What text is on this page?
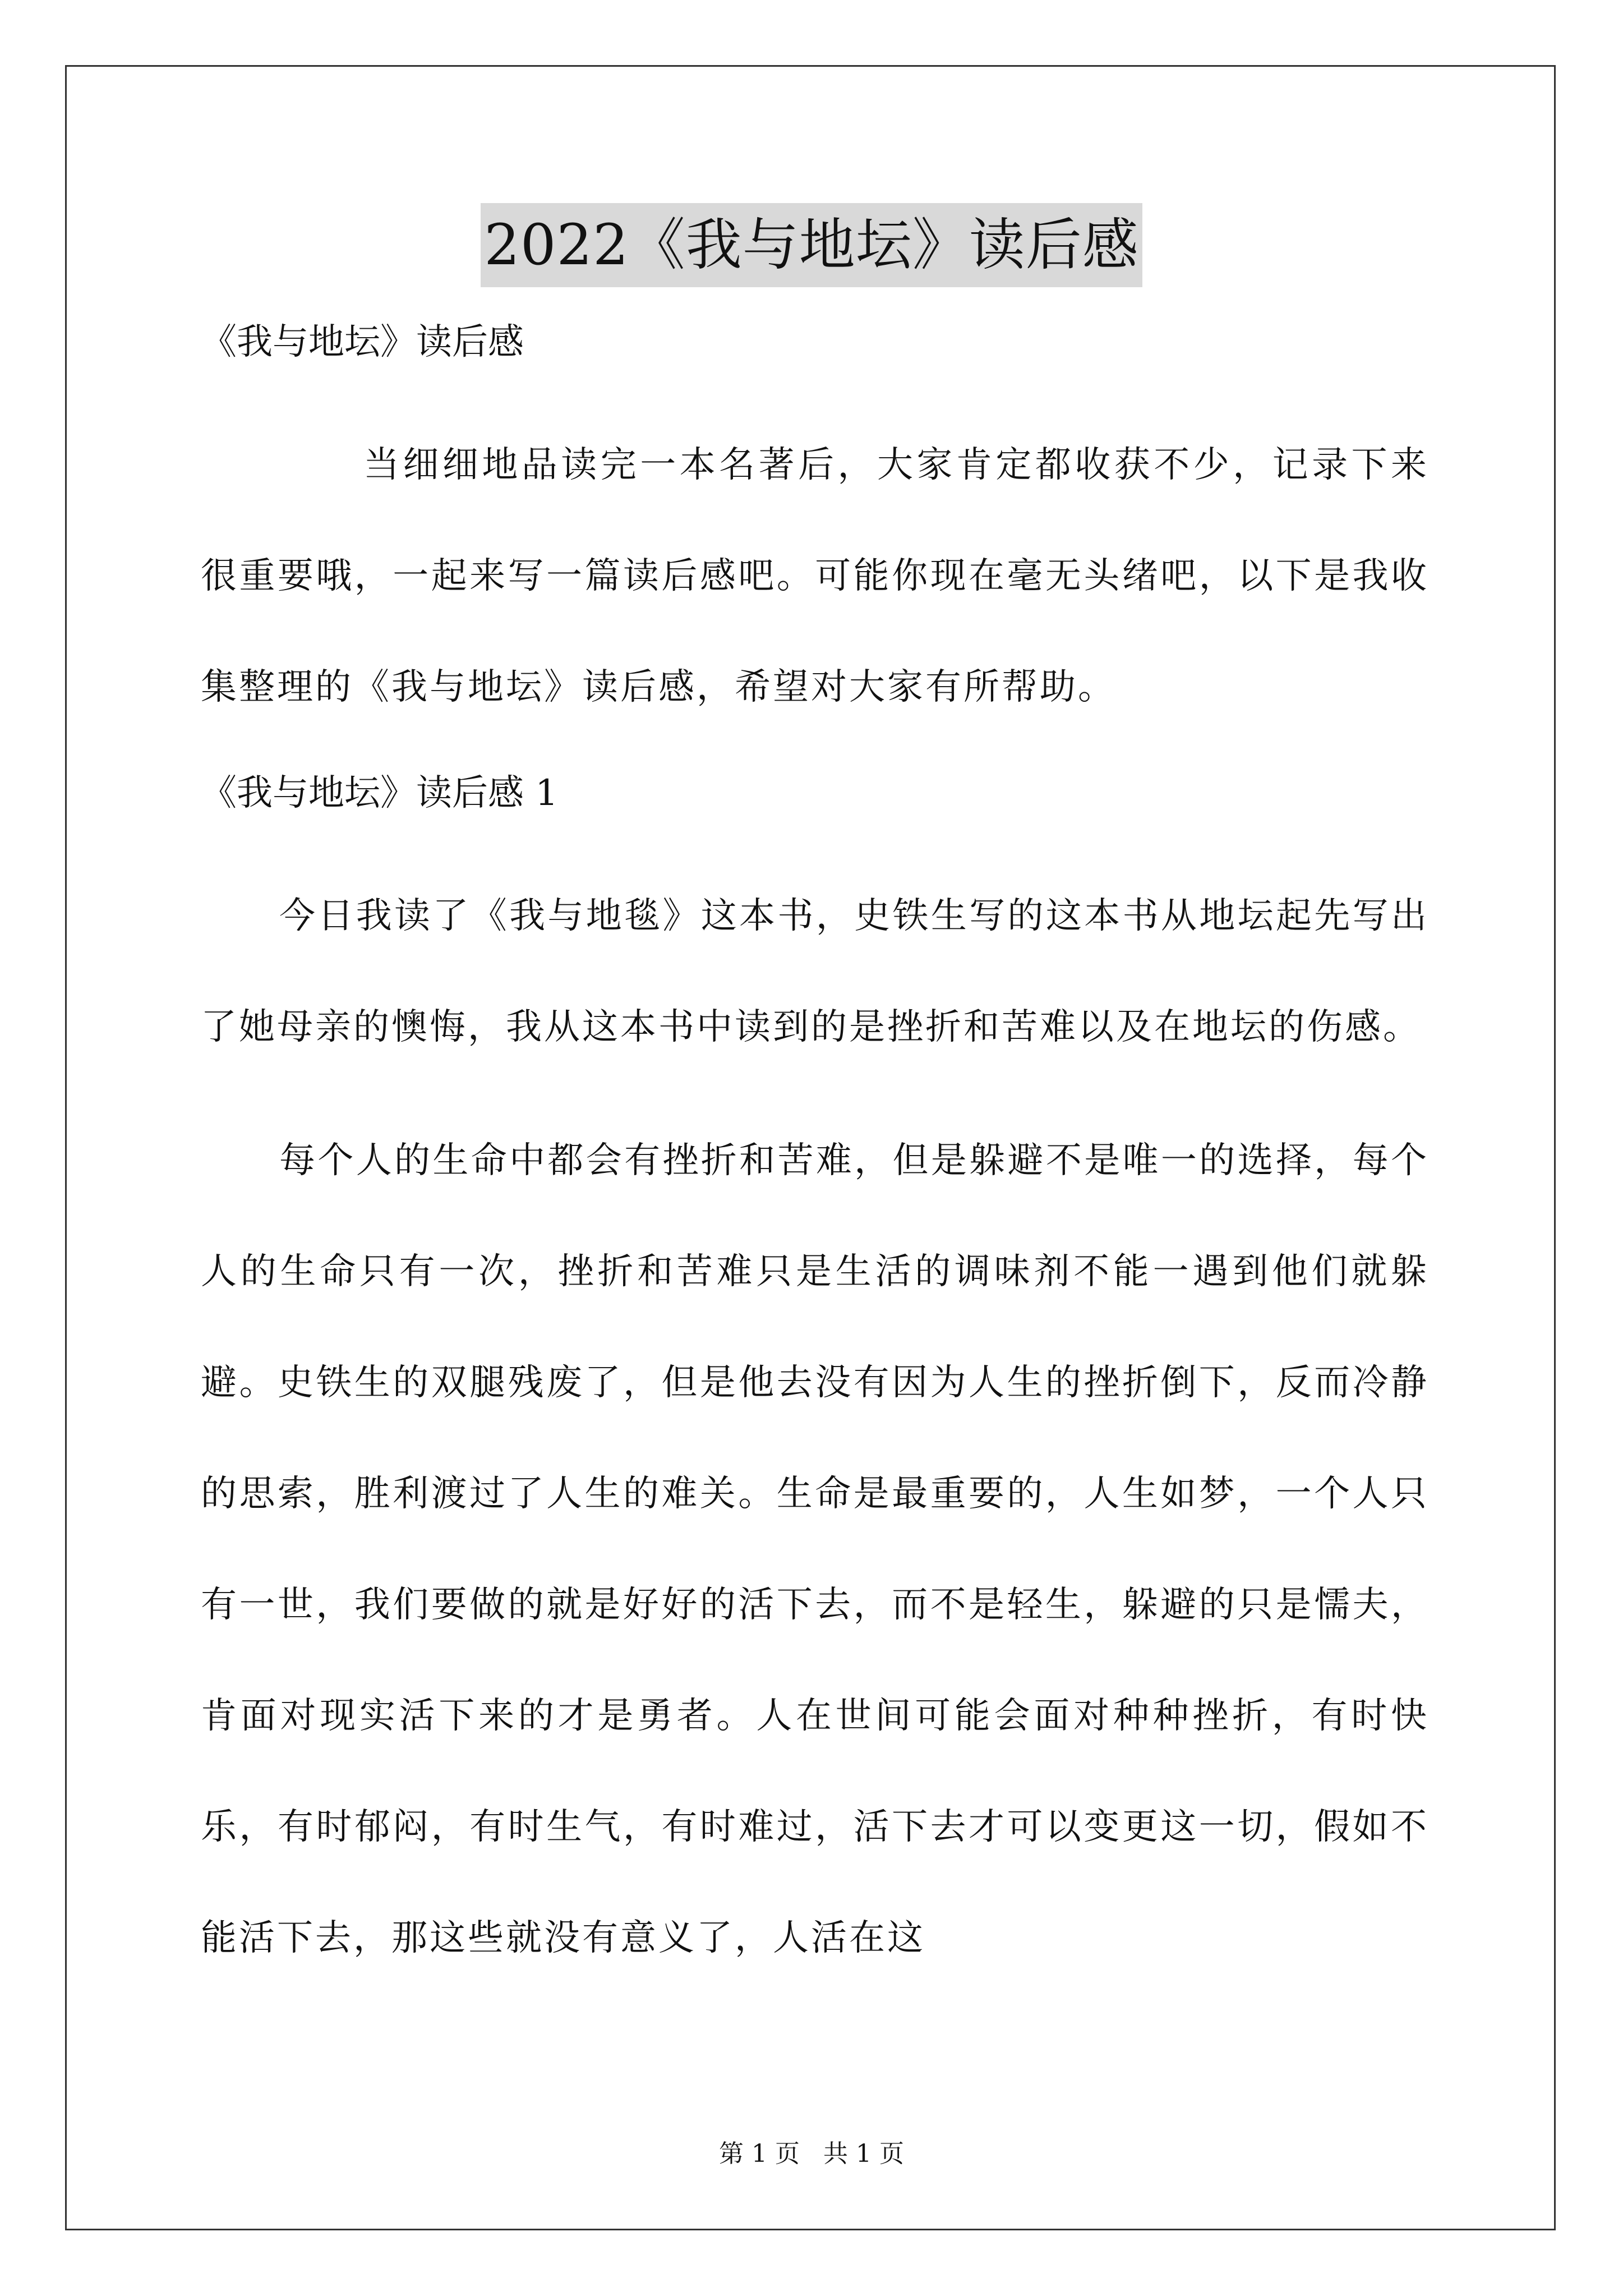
2022《我与地坛》读后感
《我与地坛》读后感

当细细地品读完一本名著后，大家肯定都收获不少，记录下来很重要哦，一起来写一篇读后感吧。可能你现在毫无头绪吧，以下是我收集整理的《我与地坛》读后感，希望对大家有所帮助。

《我与地坛》读后感 1

今日我读了《我与地毯》这本书，史铁生写的这本书从地坛起先写出了她母亲的懊悔，我从这本书中读到的是挫折和苦难以及在地坛的伤感。

每个人的生命中都会有挫折和苦难，但是躲避不是唯一的选择，每个人的生命只有一次，挫折和苦难只是生活的调味剂不能一遇到他们就躲避。史铁生的双腿残废了，但是他去没有因为人生的挫折倒下，反而冷静的思索，胜利渡过了人生的难关。生命是最重要的，人生如梦，一个人只有一世，我们要做的就是好好的活下去，而不是轻生，躲避的只是懦夫，肯面对现实活下来的才是勇者。人在世间可能会面对种种挫折，有时快乐，有时郁闷，有时生气，有时难过，活下去才可以变更这一切，假如不能活下去，那这些就没有意义了，人活在这

第 1 页   共 1 页
